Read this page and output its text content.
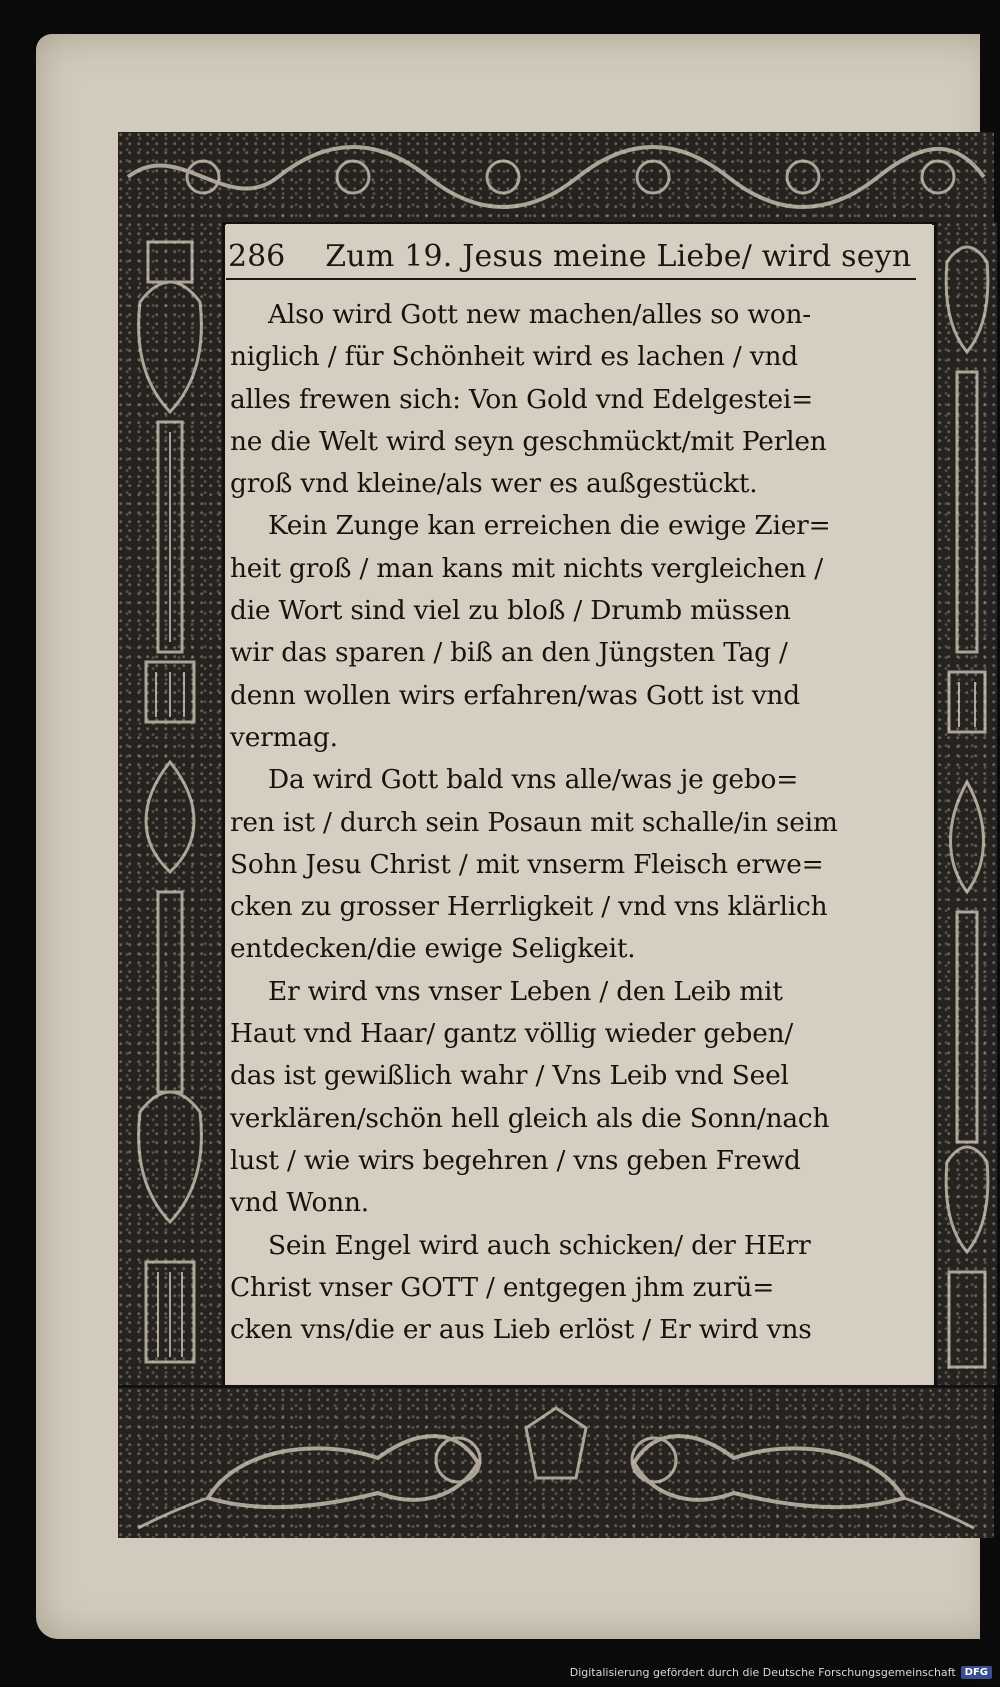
286 Zum 19. Jesus meine Liebe/ wird seyn
Also wird Gott new machen/alles so won-
niglich / für Schönheit wird es lachen / vnd
alles frewen sich: Von Gold vnd Edelgestei=
ne die Welt wird seyn geschmückt/mit Perlen
groß vnd kleine/als wer es außgestückt.
Kein Zunge kan erreichen die ewige Zier=
heit groß / man kans mit nichts vergleichen /
die Wort sind viel zu bloß / Drumb müssen
wir das sparen / biß an den Jüngsten Tag /
denn wollen wirs erfahren/was Gott ist vnd
vermag.
Da wird Gott bald vns alle/was je gebo=
ren ist / durch sein Posaun mit schalle/in seim
Sohn Jesu Christ / mit vnserm Fleisch erwe=
cken zu grosser Herrligkeit / vnd vns klärlich
entdecken/die ewige Seligkeit.
Er wird vns vnser Leben / den Leib mit
Haut vnd Haar/ gantz völlig wieder geben/
das ist gewißlich wahr / Vns Leib vnd Seel
verklären/schön hell gleich als die Sonn/nach
lust / wie wirs begehren / vns geben Frewd
vnd Wonn.
Sein Engel wird auch schicken/ der HErr
Christ vnser GOTT / entgegen jhm zurü=
cken vns/die er aus Lieb erlöst / Er wird vns
Digitalisierung gefördert durch die Deutsche Forschungsgemeinschaft DFG
